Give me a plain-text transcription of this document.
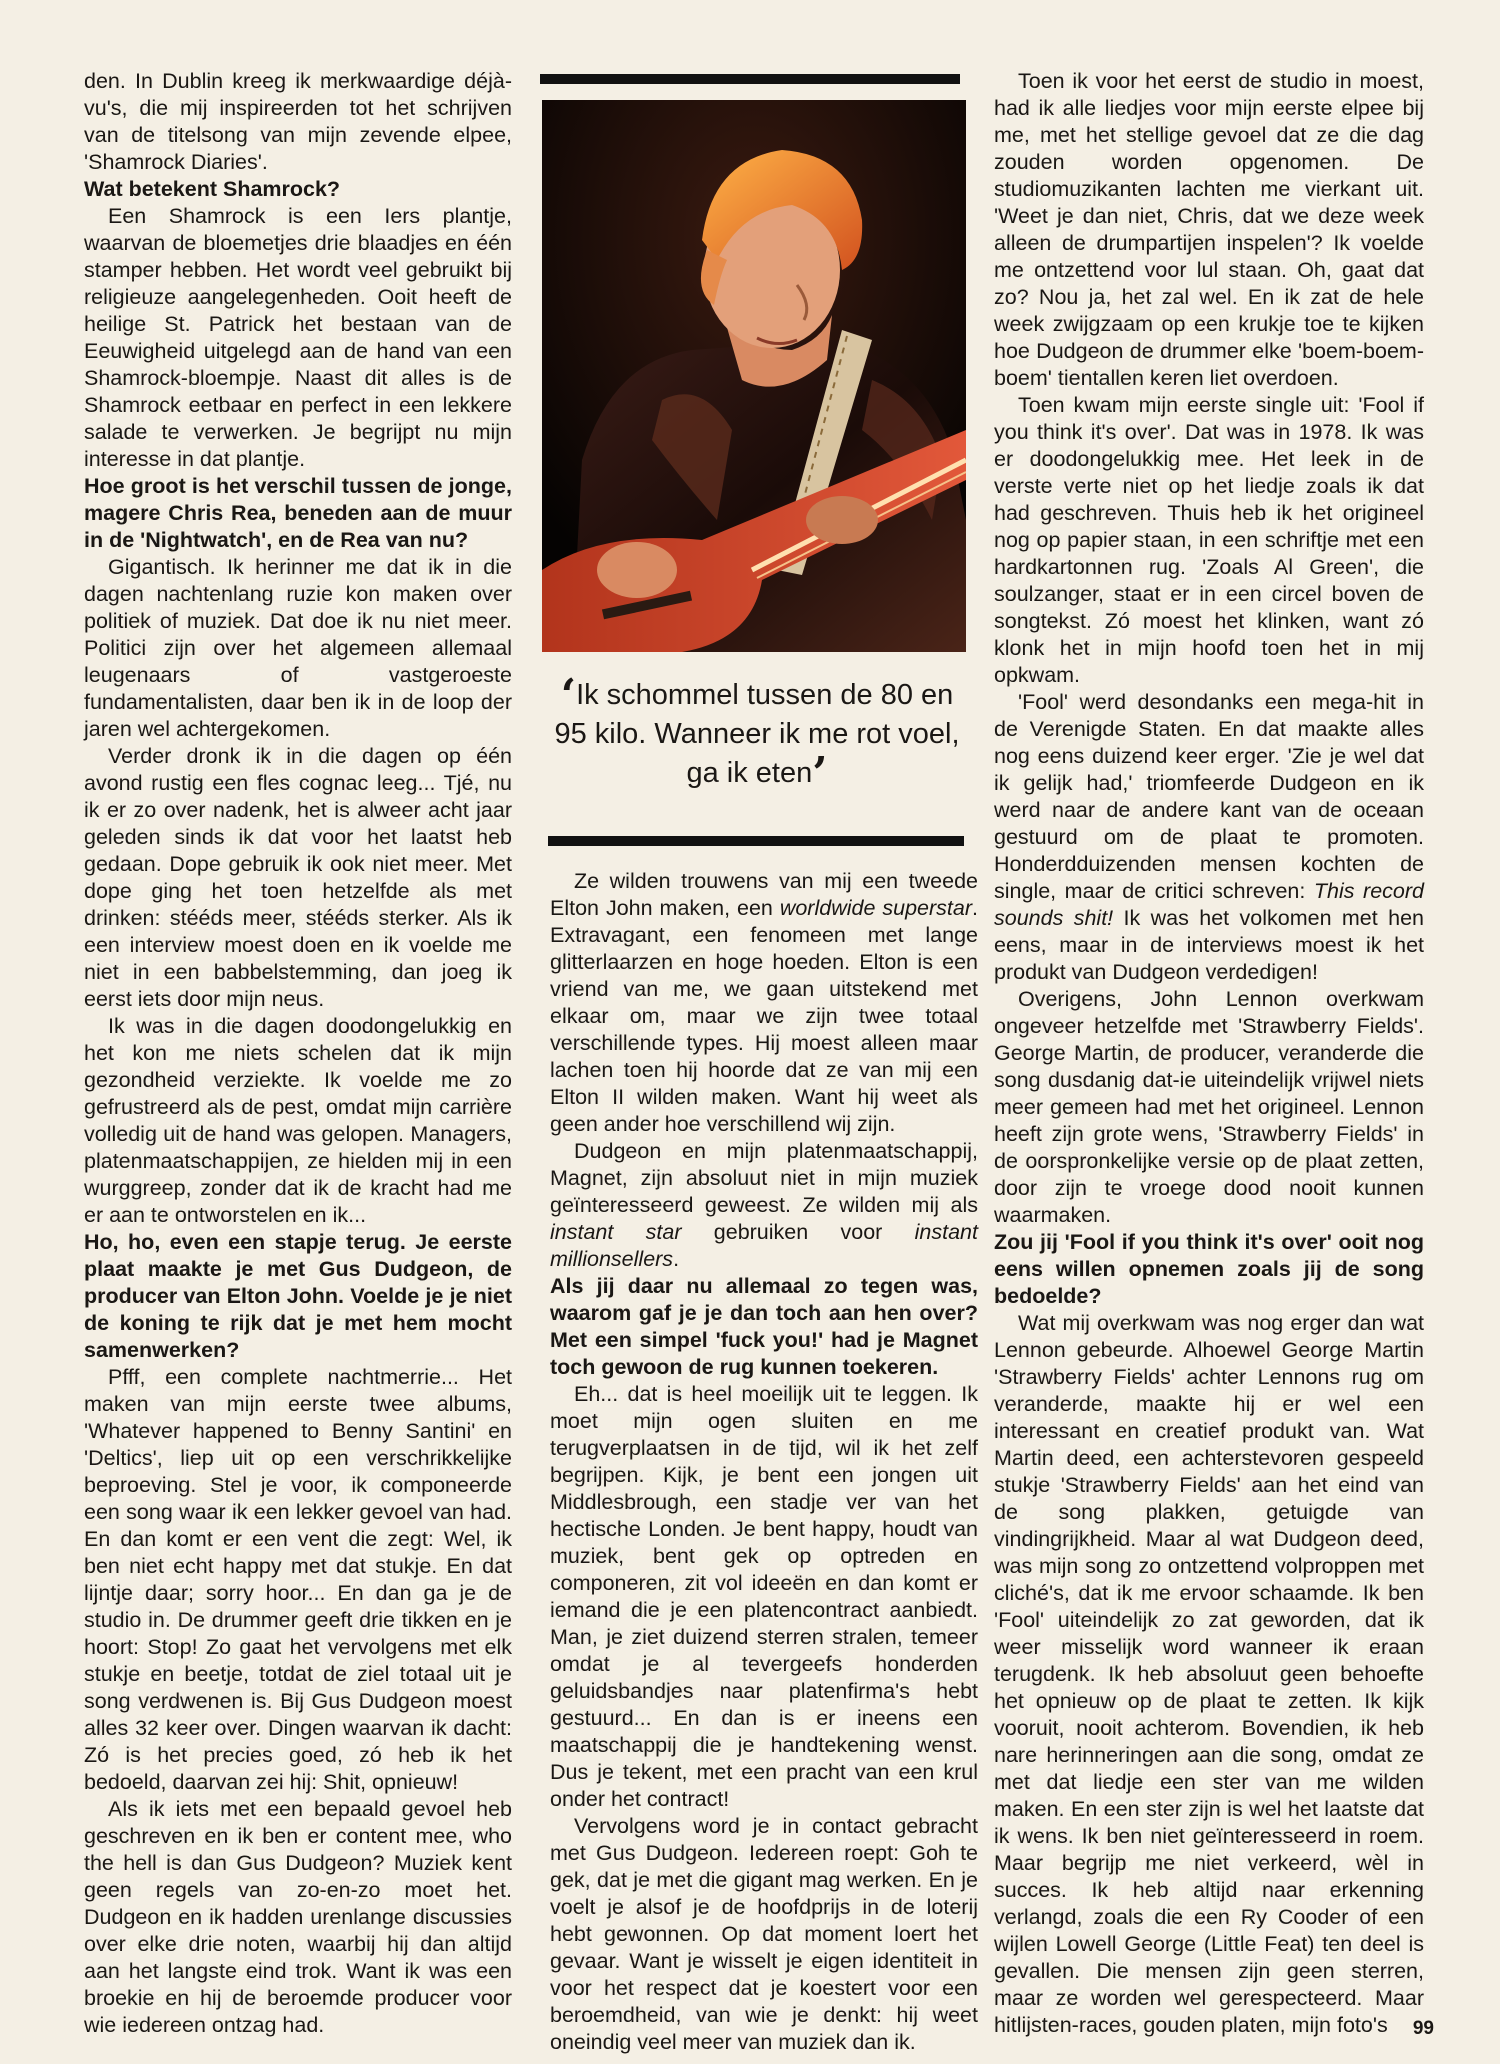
den. In Dublin kreeg ik merkwaardige déjà-vu's, die mij inspireerden tot het schrijven van de titelsong van mijn zevende elpee, 'Shamrock Diaries'.

Wat betekent Shamrock?

Een Shamrock is een Iers plantje, waarvan de bloemetjes drie blaadjes en één stamper hebben. Het wordt veel gebruikt bij religieuze aangelegenheden. Ooit heeft de heilige St. Patrick het bestaan van de Eeuwigheid uitgelegd aan de hand van een Shamrock-bloempje. Naast dit alles is de Shamrock eetbaar en perfect in een lekkere salade te verwerken. Je begrijpt nu mijn interesse in dat plantje.

Hoe groot is het verschil tussen de jonge, magere Chris Rea, beneden aan de muur in de 'Nightwatch', en de Rea van nu?

Gigantisch. Ik herinner me dat ik in die dagen nachtenlang ruzie kon maken over politiek of muziek. Dat doe ik nu niet meer. Politici zijn over het algemeen allemaal leugenaars of vastgeroeste fundamentalisten, daar ben ik in de loop der jaren wel achtergekomen.

Verder dronk ik in die dagen op één avond rustig een fles cognac leeg... Tjé, nu ik er zo over nadenk, het is alweer acht jaar geleden sinds ik dat voor het laatst heb gedaan. Dope gebruik ik ook niet meer. Met dope ging het toen hetzelfde als met drinken: stééds meer, stééds sterker. Als ik een interview moest doen en ik voelde me niet in een babbelstemming, dan joeg ik eerst iets door mijn neus.

Ik was in die dagen doodongelukkig en het kon me niets schelen dat ik mijn gezondheid verziekte. Ik voelde me zo gefrustreerd als de pest, omdat mijn carrière volledig uit de hand was gelopen. Managers, platenmaatschappijen, ze hielden mij in een wurggreep, zonder dat ik de kracht had me er aan te ontworstelen en ik...

Ho, ho, even een stapje terug. Je eerste plaat maakte je met Gus Dudgeon, de producer van Elton John. Voelde je je niet de koning te rijk dat je met hem mocht samenwerken?

Pfff, een complete nachtmerrie... Het maken van mijn eerste twee albums, 'Whatever happened to Benny Santini' en 'Deltics', liep uit op een verschrikkelijke beproeving. Stel je voor, ik componeerde een song waar ik een lekker gevoel van had. En dan komt er een vent die zegt: Wel, ik ben niet echt happy met dat stukje. En dat lijntje daar; sorry hoor... En dan ga je de studio in. De drummer geeft drie tikken en je hoort: Stop! Zo gaat het vervolgens met elk stukje en beetje, totdat de ziel totaal uit je song verdwenen is. Bij Gus Dudgeon moest alles 32 keer over. Dingen waarvan ik dacht: Zó is het precies goed, zó heb ik het bedoeld, daarvan zei hij: Shit, opnieuw!

Als ik iets met een bepaald gevoel heb geschreven en ik ben er content mee, who the hell is dan Gus Dudgeon? Muziek kent geen regels van zo-en-zo moet het. Dudgeon en ik hadden urenlange discussies over elke drie noten, waarbij hij dan altijd aan het langste eind trok. Want ik was een broekie en hij de beroemde producer voor wie iedereen ontzag had.

‘Ik schommel tussen de 80 en 95 kilo. Wanneer ik me rot voel, ga ik eten’

Ze wilden trouwens van mij een tweede Elton John maken, een worldwide superstar. Extravagant, een fenomeen met lange glitterlaarzen en hoge hoeden. Elton is een vriend van me, we gaan uitstekend met elkaar om, maar we zijn twee totaal verschillende types. Hij moest alleen maar lachen toen hij hoorde dat ze van mij een Elton II wilden maken. Want hij weet als geen ander hoe verschillend wij zijn.

Dudgeon en mijn platenmaatschappij, Magnet, zijn absoluut niet in mijn muziek geïnteresseerd geweest. Ze wilden mij als instant star gebruiken voor instant millionsellers.

Als jij daar nu allemaal zo tegen was, waarom gaf je je dan toch aan hen over? Met een simpel 'fuck you!' had je Magnet toch gewoon de rug kunnen toekeren.

Eh... dat is heel moeilijk uit te leggen. Ik moet mijn ogen sluiten en me terugverplaatsen in de tijd, wil ik het zelf begrijpen. Kijk, je bent een jongen uit Middlesbrough, een stadje ver van het hectische Londen. Je bent happy, houdt van muziek, bent gek op optreden en componeren, zit vol ideeën en dan komt er iemand die je een platencontract aanbiedt. Man, je ziet duizend sterren stralen, temeer omdat je al tevergeefs honderden geluidsbandjes naar platenfirma's hebt gestuurd... En dan is er ineens een maatschappij die je handtekening wenst. Dus je tekent, met een pracht van een krul onder het contract!

Vervolgens word je in contact gebracht met Gus Dudgeon. Iedereen roept: Goh te gek, dat je met die gigant mag werken. En je voelt je alsof je de hoofdprijs in de loterij hebt gewonnen. Op dat moment loert het gevaar. Want je wisselt je eigen identiteit in voor het respect dat je koestert voor een beroemdheid, van wie je denkt: hij weet oneindig veel meer van muziek dan ik.

Toen ik voor het eerst de studio in moest, had ik alle liedjes voor mijn eerste elpee bij me, met het stellige gevoel dat ze die dag zouden worden opgenomen. De studiomuzikanten lachten me vierkant uit. 'Weet je dan niet, Chris, dat we deze week alleen de drumpartijen inspelen'? Ik voelde me ontzettend voor lul staan. Oh, gaat dat zo? Nou ja, het zal wel. En ik zat de hele week zwijgzaam op een krukje toe te kijken hoe Dudgeon de drummer elke 'boem-boem-boem' tientallen keren liet overdoen.

Toen kwam mijn eerste single uit: 'Fool if you think it's over'. Dat was in 1978. Ik was er doodongelukkig mee. Het leek in de verste verte niet op het liedje zoals ik dat had geschreven. Thuis heb ik het origineel nog op papier staan, in een schriftje met een hardkartonnen rug. 'Zoals Al Green', die soulzanger, staat er in een circel boven de songtekst. Zó moest het klinken, want zó klonk het in mijn hoofd toen het in mij opkwam.

'Fool' werd desondanks een mega-hit in de Verenigde Staten. En dat maakte alles nog eens duizend keer erger. 'Zie je wel dat ik gelijk had,' triomfeerde Dudgeon en ik werd naar de andere kant van de oceaan gestuurd om de plaat te promoten. Honderdduizenden mensen kochten de single, maar de critici schreven: This record sounds shit! Ik was het volkomen met hen eens, maar in de interviews moest ik het produkt van Dudgeon verdedigen!

Overigens, John Lennon overkwam ongeveer hetzelfde met 'Strawberry Fields'. George Martin, de producer, veranderde die song dusdanig dat-ie uiteindelijk vrijwel niets meer gemeen had met het origineel. Lennon heeft zijn grote wens, 'Strawberry Fields' in de oorspronkelijke versie op de plaat zetten, door zijn te vroege dood nooit kunnen waarmaken.

Zou jij 'Fool if you think it's over' ooit nog eens willen opnemen zoals jij de song bedoelde?

Wat mij overkwam was nog erger dan wat Lennon gebeurde. Alhoewel George Martin 'Strawberry Fields' achter Lennons rug om veranderde, maakte hij er wel een interessant en creatief produkt van. Wat Martin deed, een achterstevoren gespeeld stukje 'Strawberry Fields' aan het eind van de song plakken, getuigde van vindingrijkheid. Maar al wat Dudgeon deed, was mijn song zo ontzettend volproppen met cliché's, dat ik me ervoor schaamde. Ik ben 'Fool' uiteindelijk zo zat geworden, dat ik weer misselijk word wanneer ik eraan terugdenk. Ik heb absoluut geen behoefte het opnieuw op de plaat te zetten. Ik kijk vooruit, nooit achterom. Bovendien, ik heb nare herinneringen aan die song, omdat ze met dat liedje een ster van me wilden maken. En een ster zijn is wel het laatste dat ik wens. Ik ben niet geïnteresseerd in roem. Maar begrijp me niet verkeerd, wèl in succes. Ik heb altijd naar erkenning verlangd, zoals die een Ry Cooder of een wijlen Lowell George (Little Feat) ten deel is gevallen. Die mensen zijn geen sterren, maar ze worden wel gerespecteerd. Maar hitlijsten-races, gouden platen, mijn foto's	99
